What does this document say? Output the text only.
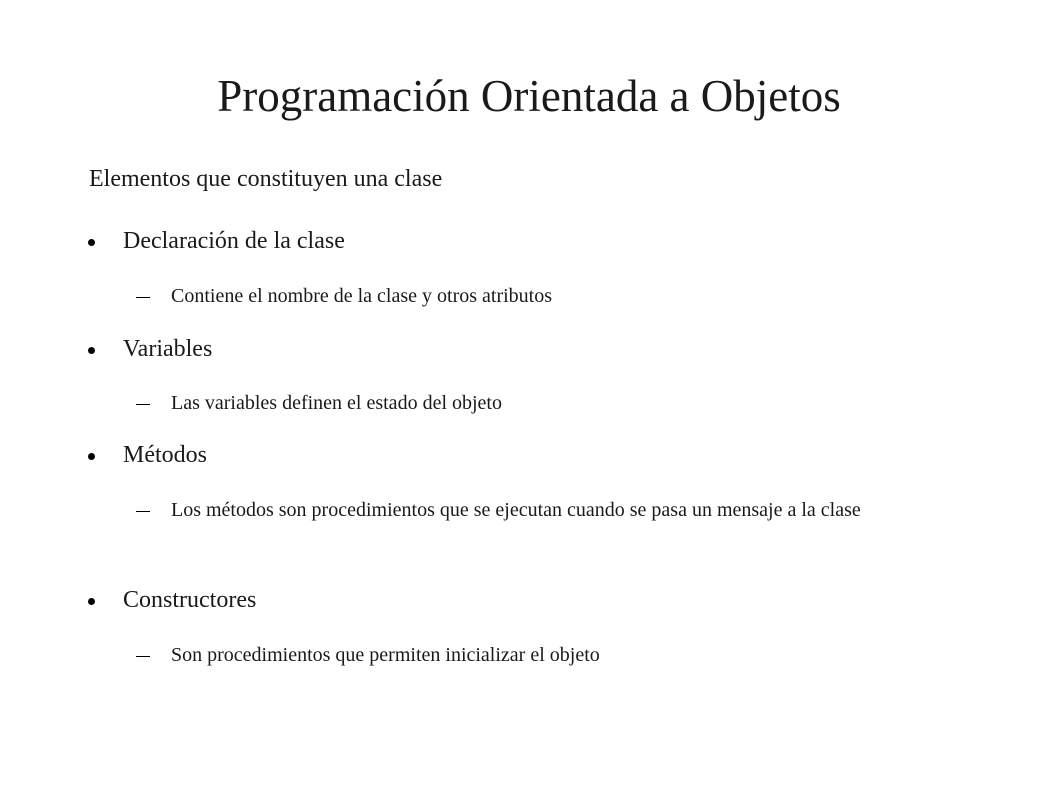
Programación Orientada a Objetos

Elementos que constituyen una clase

Declaración de la clase
Contiene el nombre de la clase y otros atributos
Variables
Las variables definen el estado del objeto
Métodos
Los métodos son procedimientos que se ejecutan cuando se pasa un mensaje a la clase
Constructores
Son procedimientos que permiten inicializar el objeto
